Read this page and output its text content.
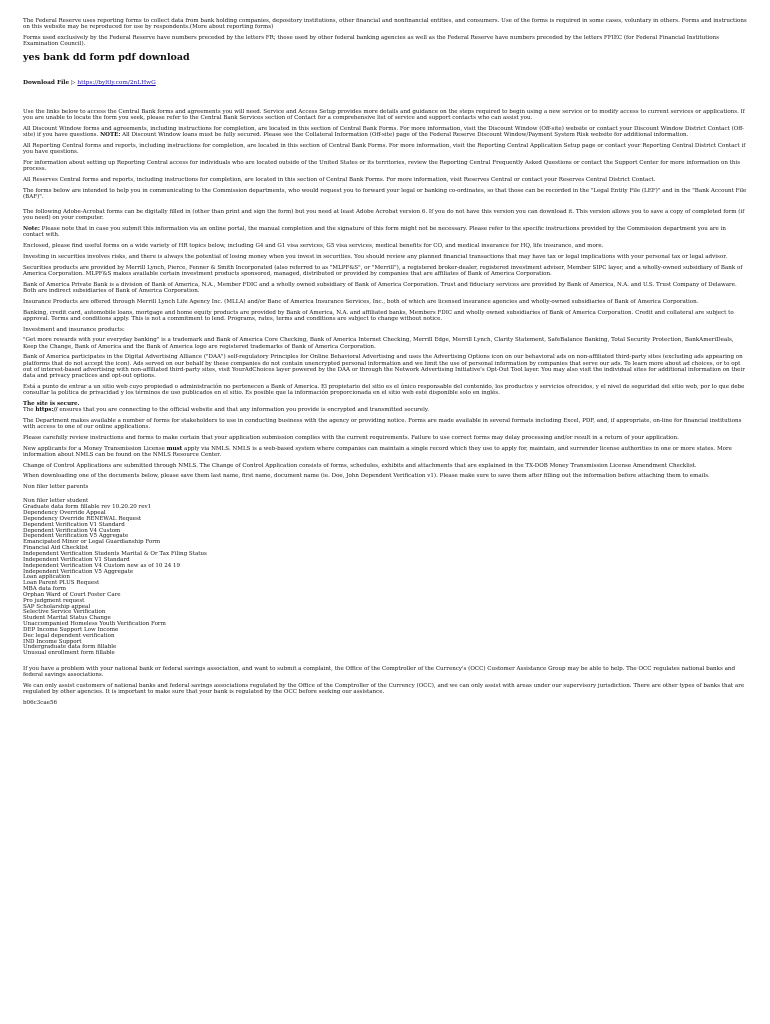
The Federal Reserve uses reporting forms to collect data from bank holding companies, depository institutions, other financial and nonfinancial entities, and consumers. Use of the forms is required in some cases, voluntary in others. Forms and instructions on this website may be reproduced for use by respondents.(More about reporting forms)

Forms used exclusively by the Federal Reserve have numbers preceded by the letters FR; those used by other federal banking agencies as well as the Federal Reserve have numbers preceded by the letters FFIEC (for Federal Financial Institutions Examination Council).

yes bank dd form pdf download
Download File ▷ https://byltly.com/2nLHwG

Use the links below to access the Central Bank forms and agreements you will need. Service and Access Setup provides more details and guidance on the steps required to begin using a new service or to modify access to current services or applications. If you are unable to locate the form you seek, please refer to the Central Bank Services section of Contact for a comprehensive list of service and support contacts who can assist you.

All Discount Window forms and agreements, including instructions for completion, are located in this section of Central Bank Forms. For more information, visit the Discount Window (Off-site) website or contact your Discount Window District Contact (Off-site) if you have questions. NOTE: All Discount Window loans must be fully secured. Please see the Collateral Information (Off-site) page of the Federal Reserve Discount Window/Payment System Risk website for additional information.

All Reporting Central forms and reports, including instructions for completion, are located in this section of Central Bank Forms. For more information, visit the Reporting Central Application Setup page or contact your Reporting Central District Contact if you have questions.

For information about setting up Reporting Central access for individuals who are located outside of the United States or its territories, review the Reporting Central Frequently Asked Questions or contact the Support Center for more information on this process.

All Reserves Central forms and reports, including instructions for completion, are located in this section of Central Bank Forms. For more information, visit Reserves Central or contact your Reserves Central District Contact.

The forms below are intended to help you in communicating to the Commission departments, who would request you to forward your legal or banking co-ordinates, so that those can be recorded in the "Legal Entity File (LEF)" and in the "Bank Account File (BAF)".

The following Adobe-Acrobat forms can be digitally filled in (other than print and sign the form) but you need at least Adobe Acrobat version 6. If you do not have this version you can download it. This version allows you to save a copy of completed form (if you need) on your computer.

Note: Please note that in case you submit this information via an online portal, the manual completion and the signature of this form might not be necessary. Please refer to the specific instructions provided by the Commission department you are in contact with.

Enclosed, please find useful forms on a wide variety of HR topics below, including G4 and G1 visa services, G5 visa services, medical benefits for CO, and medical insurance for HQ, life insurance, and more.

Investing in securities involves risks, and there is always the potential of losing money when you invest in securities. You should review any planned financial transactions that may have tax or legal implications with your personal tax or legal advisor.

Securities products are provided by Merrill Lynch, Pierce, Fenner & Smith Incorporated (also referred to as "MLPF&S", or "Merrill"), a registered broker-dealer, registered investment adviser, Member SIPC layer, and a wholly-owned subsidiary of Bank of America Corporation. MLPF&S makes available certain investment products sponsored, managed, distributed or provided by companies that are affiliates of Bank of America Corporation.

Bank of America Private Bank is a division of Bank of America, N.A., Member FDIC and a wholly owned subsidiary of Bank of America Corporation. Trust and fiduciary services are provided by Bank of America, N.A. and U.S. Trust Company of Delaware. Both are indirect subsidiaries of Bank of America Corporation.

Insurance Products are offered through Merrill Lynch Life Agency Inc. (MLLA) and/or Banc of America Insurance Services, Inc., both of which are licensed insurance agencies and wholly-owned subsidiaries of Bank of America Corporation.

Banking, credit card, automobile loans, mortgage and home equity products are provided by Bank of America, N.A. and affiliated banks, Members FDIC and wholly owned subsidiaries of Bank of America Corporation. Credit and collateral are subject to approval. Terms and conditions apply. This is not a commitment to lend. Programs, rates, terms and conditions are subject to change without notice.

Investment and insurance products:

"Get more rewards with your everyday banking" is a trademark and Bank of America Core Checking, Bank of America Internet Checking, Merrill Edge, Merrill Lynch, Clarity Statement, SafeBalance Banking, Total Security Protection, BankAmeriDeals, Keep the Change, Bank of America and the Bank of America logo are registered trademarks of Bank of America Corporation.

Bank of America participates in the Digital Advertising Alliance ("DAA") self-regulatory Principles for Online Behavioral Advertising and uses the Advertising Options icon on our behavioral ads on non-affiliated third-party sites (excluding ads appearing on platforms that do not accept the icon). Ads served on our behalf by these companies do not contain unencrypted personal information and we limit the use of personal information by companies that serve our ads. To learn more about ad choices, or to opt out of interest-based advertising with non-affiliated third-party sites, visit YourAdChoices layer powered by the DAA or through the Network Advertising Initiative's Opt-Out Tool layer. You may also visit the individual sites for additional information on their data and privacy practices and opt-out options.

Está a punto de entrar a un sitio web cuyo propiedad o administración no pertenecen a Bank of America. El propietario del sitio es el único responsable del contenido, los productos y servicios ofrecidos, y el nivel de seguridad del sitio web, por lo que debe consultar la política de privacidad y los términos de uso publicados en el sitio. Es posible que la información proporcionada en el sitio web esté disponible solo en inglés.

The site is secure.
The https:// ensures that you are connecting to the official website and that any information you provide is encrypted and transmitted securely.

The Department makes available a number of forms for stakeholders to use in conducting business with the agency or providing notice. Forms are made available in several formats including Excel, PDF, and, if appropriate, on-line for financial institutions with access to one of our online applications.

Please carefully review instructions and forms to make certain that your application submission complies with the current requirements. Failure to use correct forms may delay processing and/or result in a return of your application.

New applicants for a Money Transmission License must apply via NMLS. NMLS is a web-based system where companies can maintain a single record which they use to apply for, maintain, and surrender license authorities in one or more states. More information about NMLS can be found on the NMLS Resource Center.

Change of Control Applications are submitted through NMLS. The Change of Control Application consists of forms, schedules, exhibits and attachments that are explained in the TX-DOB Money Transmission License Amendment Checklist.

When downloading one of the documents below, please save them last name, first name, document name (ie. Doe, John Dependent Verification v1). Please make sure to save them after filling out the information before attaching them to emails.

Non filer letter parents

Non filer letter student
Graduate data form fillable rev 10.20.20 rev1
Dependency Override Appeal
Dependency Override RENEWAL Request
Dependent Verification V1 Standard
Dependent Verification V4 Custom
Dependent Verification V5 Aggregate
Emancipated Minor or Legal Guardianship Form
Financial Aid Checklist
Independent Verification Students Marital & Or Tax Filing Status
Independent Verification V1 Standard
Independent Verification V4 Custom new as of 10 24 19
Independent Verification V5 Aggregate
Loan application
Loan Parent PLUS Request
MBA data form
Orphan Ward of Court Foster Care
Pro judgment request
SAP Scholarship appeal
Selective Service Verification
Student Marital Status Change
Unaccompanied Homeless Youth Verification Form
DEP Income Support Low Income
Dec legal dependent verification
IND Income Support
Undergraduate data form fillable
Unusual enrollment form fillable

If you have a problem with your national bank or federal savings association, and want to submit a complaint, the Office of the Comptroller of the Currency's (OCC) Customer Assistance Group may be able to help. The OCC regulates national banks and federal savings associations.

We can only assist customers of national banks and federal savings associations regulated by the Office of the Comptroller of the Currency (OCC), and we can only assist with areas under our supervisory jurisdiction. There are other types of banks that are regulated by other agencies. It is important to make sure that your bank is regulated by the OCC before seeking our assistance.

b06c3cae56
